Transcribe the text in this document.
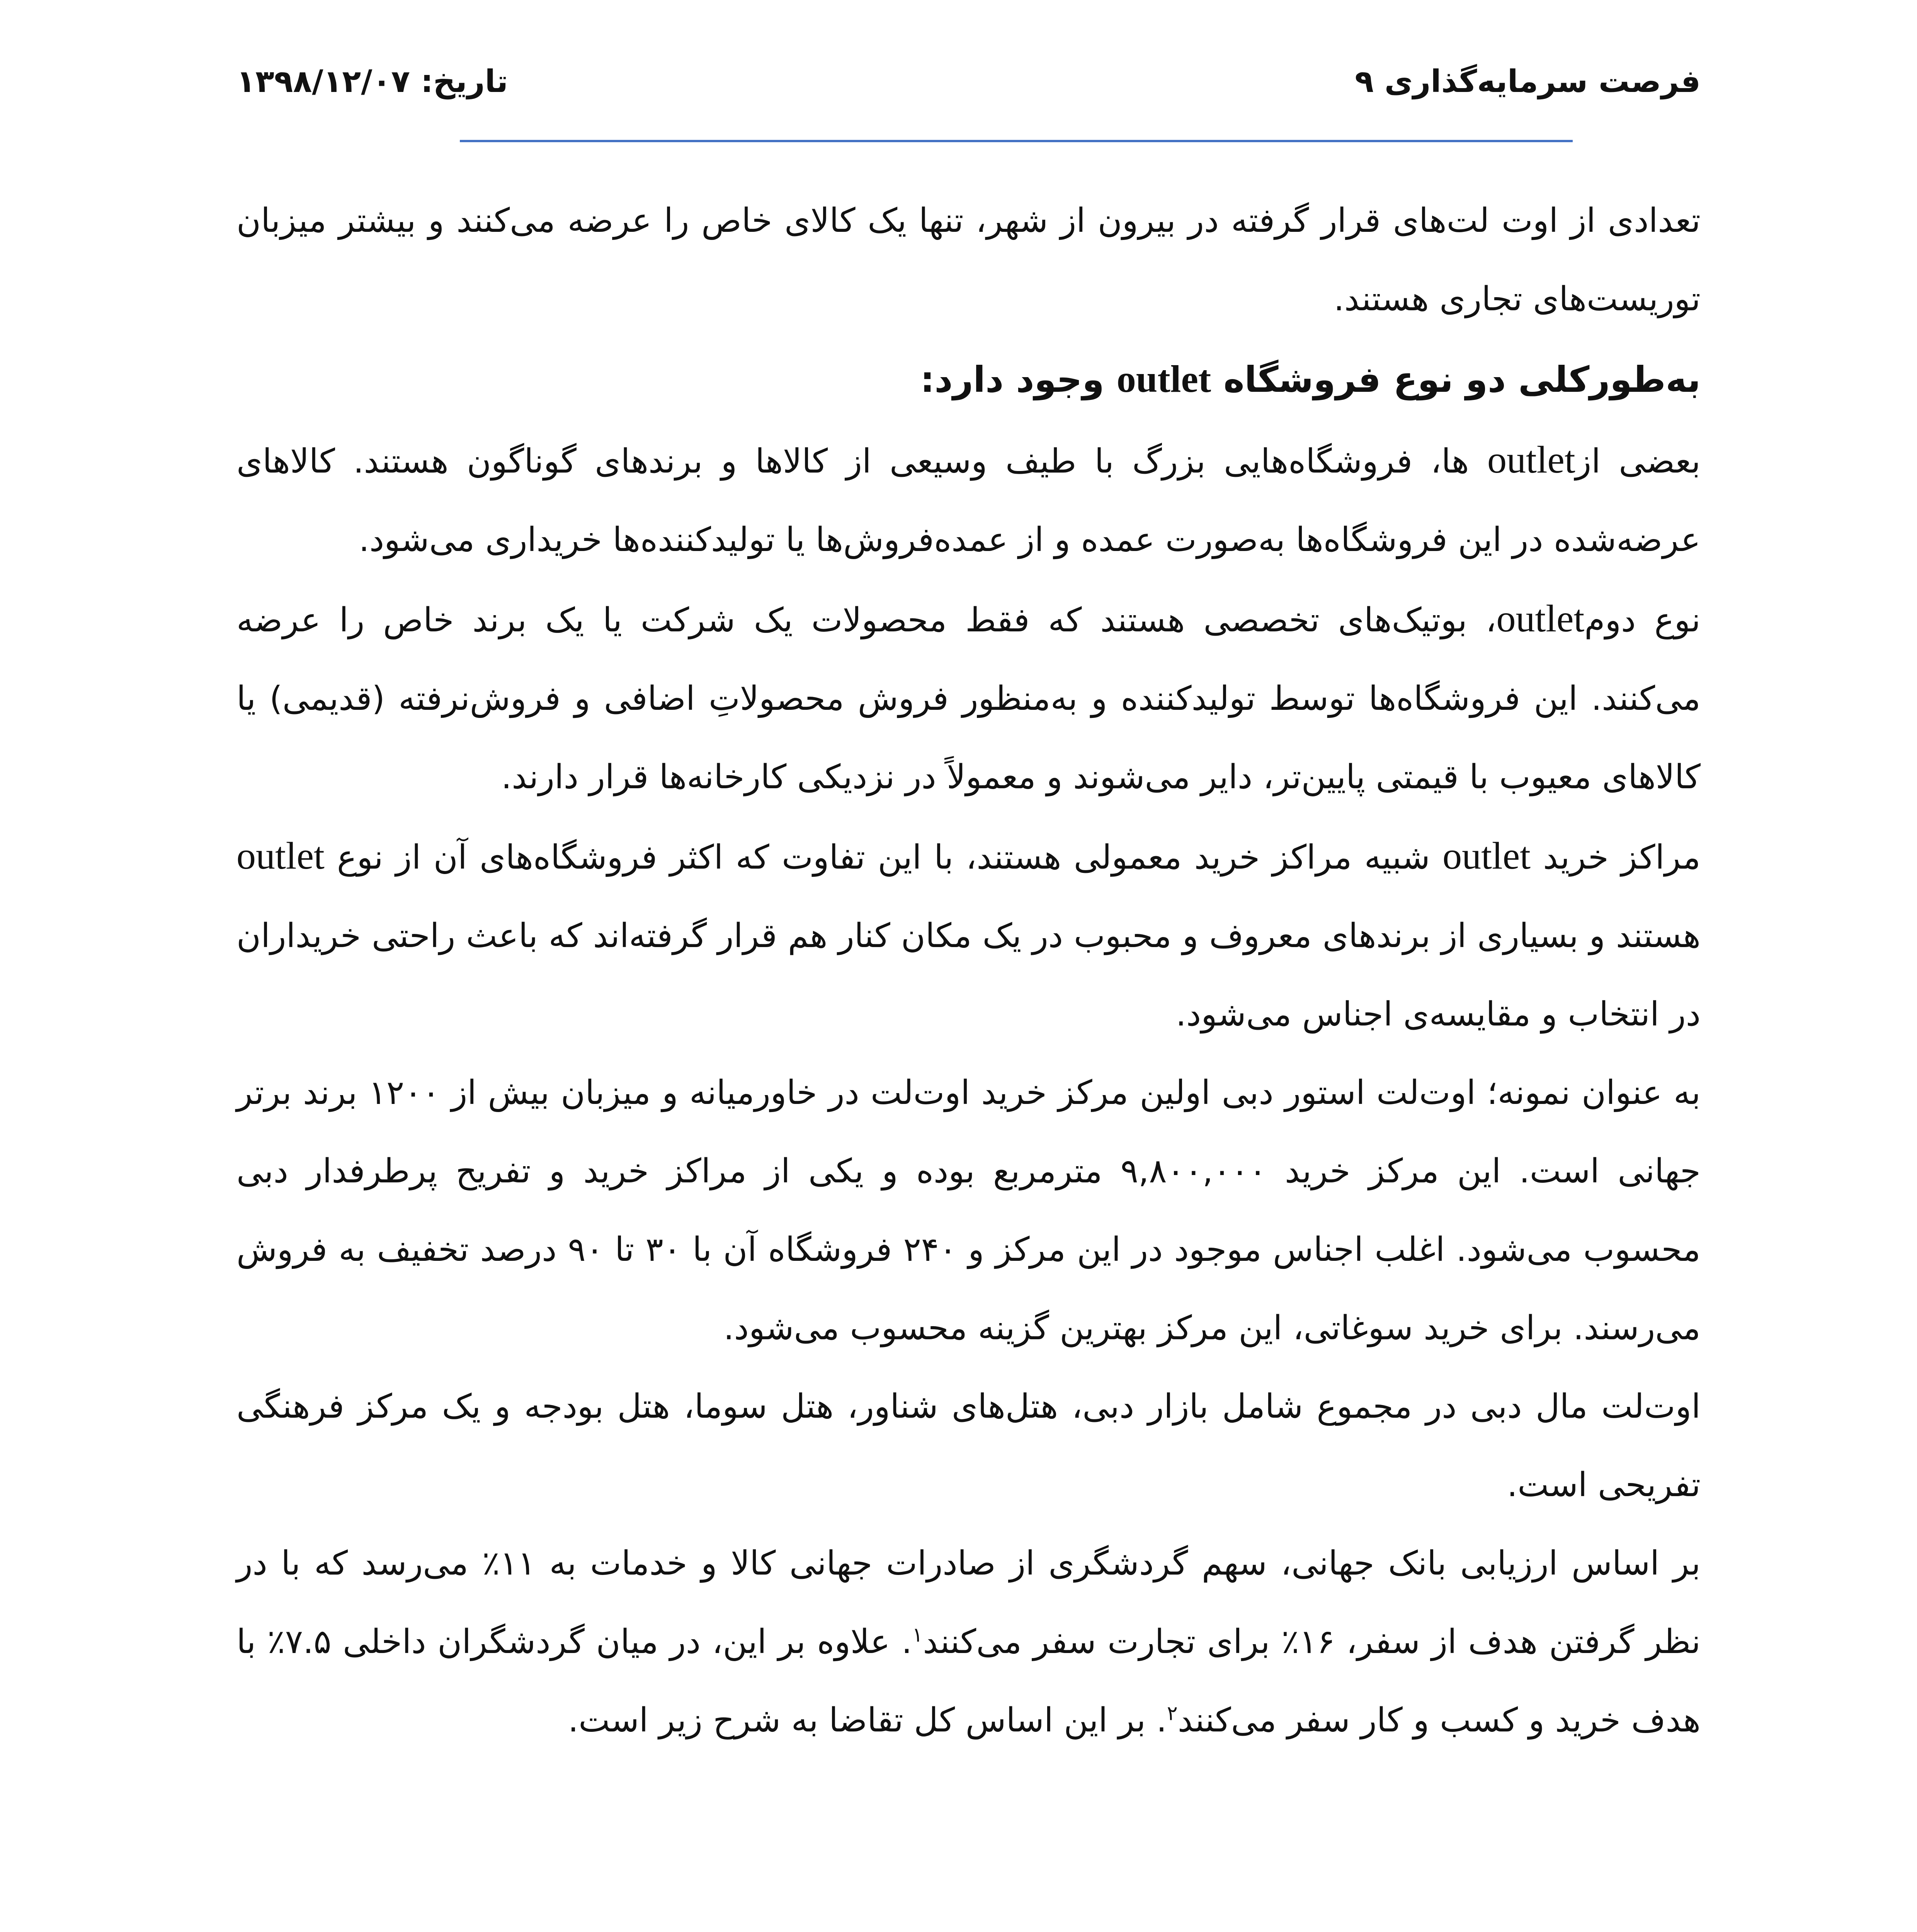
فرصت سرمایه‌گذاری ۹
تاریخ: ۱۳۹۸/۱۲/۰۷

تعدادی از اوت لت‌های قرار گرفته در بیرون از شهر، تنها یک کالای خاص را عرضه می‌کنند و بیشتر میزبان توریست‌های تجاری هستند.

به‌طورکلی دو نوع فروشگاه outlet وجود دارد:

بعضی ازoutlet ها، فروشگاه‌هایی بزرگ با طیف وسیعی از کالاها و برندهای گوناگون هستند. کالاهای عرضه‌شده در این فروشگاه‌ها به‌صورت عمده و از عمده‌فروش‌ها یا تولیدکننده‌ها خریداری می‌شود.

نوع دومoutlet، بوتیک‌های تخصصی هستند که فقط محصولات یک شرکت یا یک برند خاص را عرضه می‌کنند. این فروشگاه‌ها توسط تولیدکننده و به‌منظور فروش محصولاتِ اضافی و فروش‌نرفته (قدیمی) یا کالاهای معیوب با قیمتی پایین‌تر، دایر می‌شوند و معمولاً در نزدیکی کارخانه‌ها قرار دارند.

مراکز خرید outlet شبیه مراکز خرید معمولی هستند، با این تفاوت که اکثر فروشگاه‌های آن از نوع outlet هستند و بسیاری از برندهای معروف و محبوب در یک مکان کنار هم قرار گرفته‌اند که باعث راحتی خریداران در انتخاب و مقایسه‌ی اجناس می‌شود.

به عنوان نمونه؛ اوت‌لت استور دبی اولین مرکز خرید اوت‌لت در خاورمیانه و میزبان بیش از ۱۲۰۰ برند برتر جهانی است. این مرکز خرید ۹,۸۰۰,۰۰۰ مترمربع بوده و یکی از مراکز خرید و تفریح پرطرفدار دبی محسوب می‌شود. اغلب اجناس موجود در این مرکز و ۲۴۰ فروشگاه آن با ۳۰ تا ۹۰ درصد تخفیف به فروش می‌رسند. برای خرید سوغاتی، این مرکز بهترین گزینه محسوب می‌شود.

اوت‌لت مال دبی در مجموع شامل بازار دبی، هتل‌های شناور، هتل سوما، هتل بودجه و یک مرکز فرهنگی تفریحی است.

بر اساس ارزیابی بانک جهانی، سهم گردشگری از صادرات جهانی کالا و خدمات به ۱۱٪ می‌رسد که با در نظر گرفتن هدف از سفر، ۱۶٪ برای تجارت سفر می‌کنند$^۱$. علاوه بر این، در میان گردشگران داخلی ۷.۵٪ با هدف خرید و کسب و کار سفر می‌کنند$^۲$. بر این اساس کل تقاضا به شرح زیر است.
